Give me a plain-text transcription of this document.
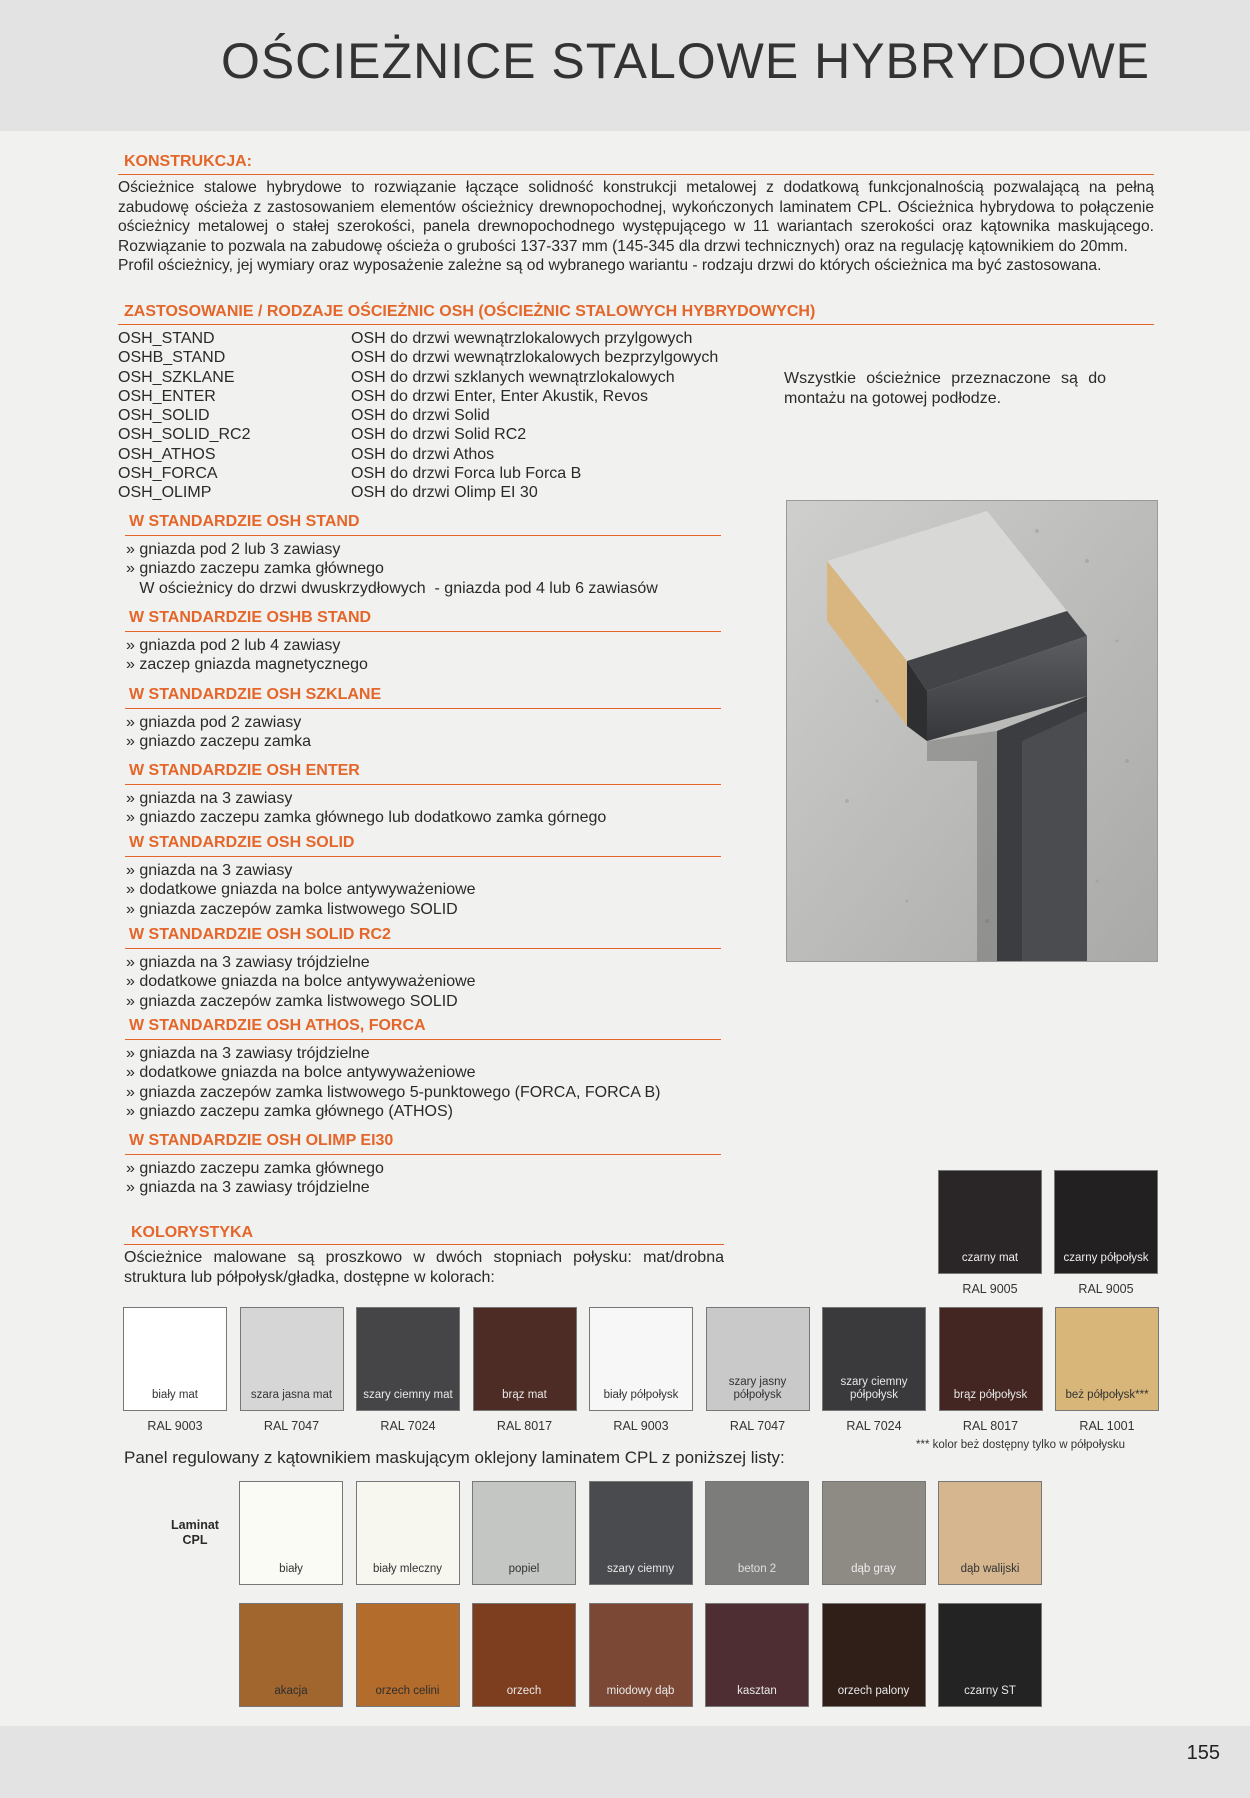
OŚCIEŻNICE STALOWE HYBRYDOWE
KONSTRUKCJA:

Ościeżnice stalowe hybrydowe to rozwiązanie łączące solidność konstrukcji metalowej z dodatkową funkcjonalnością pozwalającą na pełną zabudowę ościeża z zastosowaniem elementów ościeżnicy drewnopochodnej, wykończonych laminatem CPL. Ościeżnica hybrydowa to połączenie ościeżnicy metalowej o stałej szerokości, panela drewnopochodnego występującego w 11 wariantach szerokości oraz kątownika maskującego. Rozwiązanie to pozwala na zabudowę ościeża o grubości 137-337 mm (145-345 dla drzwi technicznych) oraz na regulację kątownikiem do 20mm.

Profil ościeżnicy, jej wymiary oraz wyposażenie zależne są od wybranego wariantu - rodzaju drzwi do których ościeżnica ma być zastosowana.

ZASTOSOWANIE / RODZAJE OŚCIEŻNIC OSH (OŚCIEŻNIC STALOWYCH HYBRYDOWYCH)
OSH_STAND	OSH do drzwi wewnątrzlokalowych przylgowych
OSHB_STAND	OSH do drzwi wewnątrzlokalowych bezprzylgowych
OSH_SZKLANE	OSH do drzwi szklanych wewnątrzlokalowych
OSH_ENTER	OSH do drzwi Enter, Enter Akustik, Revos
OSH_SOLID	OSH do drzwi Solid
OSH_SOLID_RC2	OSH do drzwi Solid RC2
OSH_ATHOS	OSH do drzwi Athos
OSH_FORCA	OSH do drzwi Forca lub Forca B
OSH_OLIMP	OSH do drzwi Olimp EI 30
Wszystkie ościeżnice przeznaczone są do montażu na gotowej podłodze.
W STANDARDZIE OSH STAND
» gniazda pod 2 lub 3 zawiasy
» gniazdo zaczepu zamka głównego
W ościeżnicy do drzwi dwuskrzydłowych  - gniazda pod 4 lub 6 zawiasów
W STANDARDZIE OSHB STAND
» gniazda pod 2 lub 4 zawiasy
» zaczep gniazda magnetycznego
W STANDARDZIE OSH SZKLANE
» gniazda pod 2 zawiasy
» gniazdo zaczepu zamka
W STANDARDZIE OSH ENTER
» gniazda na 3 zawiasy
» gniazdo zaczepu zamka głównego lub dodatkowo zamka górnego
W STANDARDZIE OSH SOLID
» gniazda na 3 zawiasy
» dodatkowe gniazda na bolce antywyważeniowe
» gniazda zaczepów zamka listwowego SOLID
W STANDARDZIE OSH SOLID RC2
» gniazda na 3 zawiasy trójdzielne
» dodatkowe gniazda na bolce antywyważeniowe
» gniazda zaczepów zamka listwowego SOLID
W STANDARDZIE OSH ATHOS, FORCA
» gniazda na 3 zawiasy trójdzielne
» dodatkowe gniazda na bolce antywyważeniowe
» gniazda zaczepów zamka listwowego 5-punktowego (FORCA, FORCA B)
» gniazdo zaczepu zamka głównego (ATHOS)
W STANDARDZIE OSH OLIMP EI30
» gniazdo zaczepu zamka głównego
» gniazda na 3 zawiasy trójdzielne
KOLORYSTYKA
Ościeżnice malowane są proszkowo w dwóch stopniach połysku: mat/drobna struktura lub półpołysk/gładka, dostępne w kolorach:
czarny mat
RAL 9005
czarny półpołysk
RAL 9005
biały mat
RAL 9003
szara jasna mat
RAL 7047
szary ciemny mat
RAL 7024
brąz mat
RAL 8017
biały półpołysk
RAL 9003
szary jasny półpołysk
RAL 7047
szary ciemny półpołysk
RAL 7024
brąz półpołysk
RAL 8017
beż półpołysk***
RAL 1001
*** kolor beż dostępny tylko w półpołysku
Panel regulowany z kątownikiem maskującym oklejony laminatem CPL z poniższej listy:
Laminat CPL
biały	biały mleczny	popiel	szary ciemny	beton 2	dąb gray	dąb walijski
akacja	orzech celini	orzech	miodowy dąb	kasztan	orzech palony	czarny ST
155
